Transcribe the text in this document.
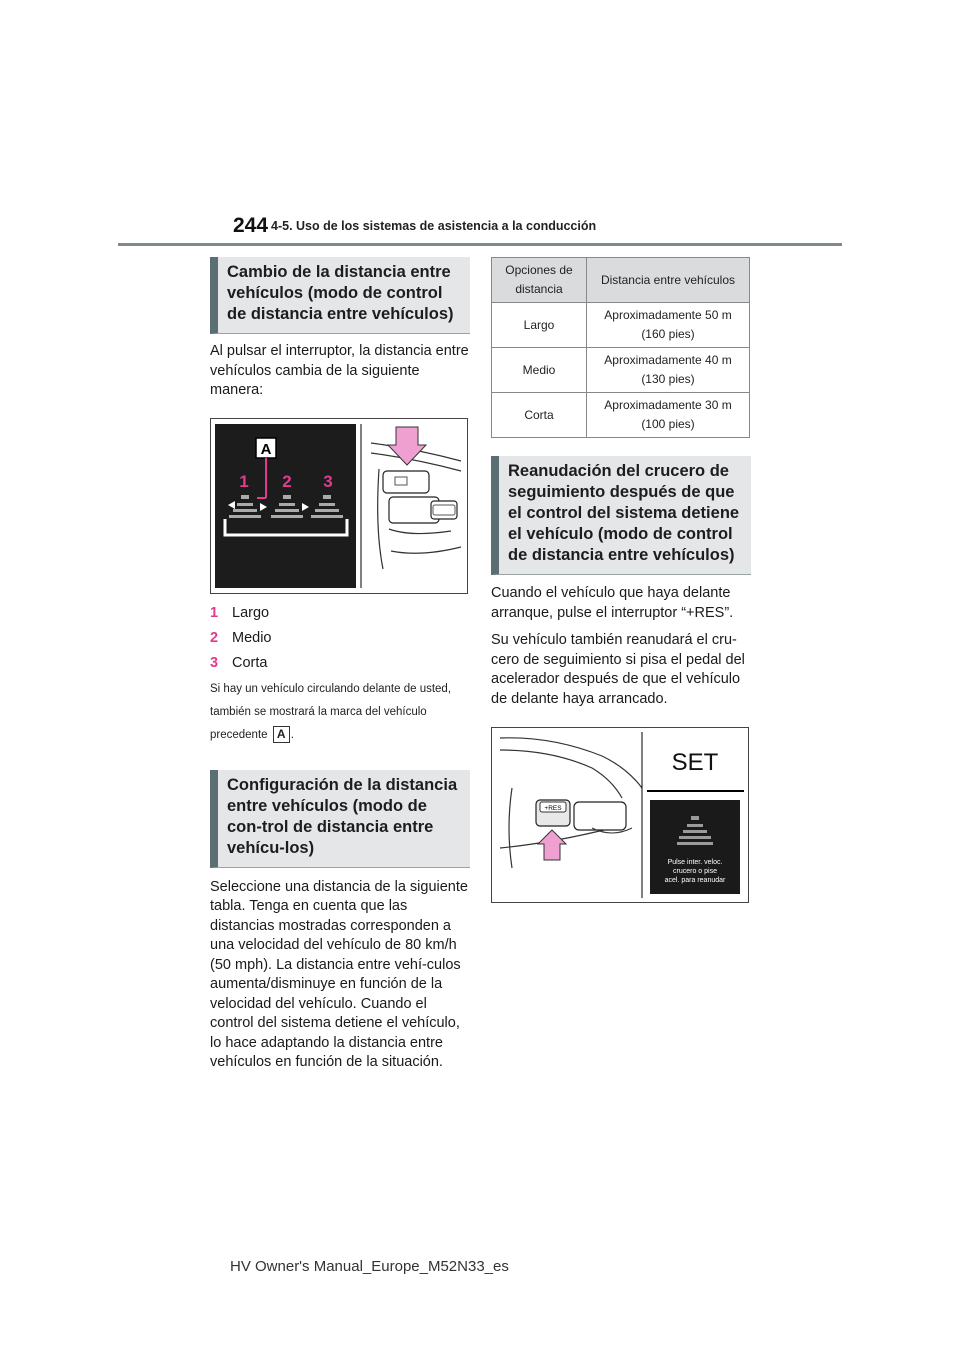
244 4-5. Uso de los sistemas de asistencia a la conducción
Cambio de la distancia entre vehículos (modo de control de distancia entre vehículos)

Al pulsar el interruptor, la distancia entre vehículos cambia de la siguiente manera:

A
1 2 3
1 Largo
2 Medio
3 Corta

Si hay un vehículo circulando delante de usted, también se mostrará la marca del vehículo precedente A .

Configuración de la distancia entre vehículos (modo de con-trol de distancia entre vehícu-los)

Seleccione una distancia de la siguiente tabla. Tenga en cuenta que las distancias mostradas corresponden a una velocidad del vehículo de 80 km/h (50 mph). La distancia entre vehí-culos aumenta/disminuye en función de la velocidad del vehículo. Cuando el control del sistema detiene el vehículo, lo hace adaptando la distancia entre vehículos en función de la situación.

Opciones de distancia	Distancia entre vehículos
Largo	Aproximadamente 50 m (160 pies)
Medio	Aproximadamente 40 m (130 pies)
Corta	Aproximadamente 30 m (100 pies)
Reanudación del crucero de seguimiento después de que el control del sistema detiene el vehículo (modo de control de distancia entre vehículos)

Cuando el vehículo que haya delante arranque, pulse el interruptor “+RES”.

Su vehículo también reanudará el cru-cero de seguimiento si pisa el pedal del acelerador después de que el vehículo de delante haya arrancado.

+RES
SET
Pulse inter. veloc.
crucero o pise
acel. para reanudar
HV Owner's Manual_Europe_M52N33_es
